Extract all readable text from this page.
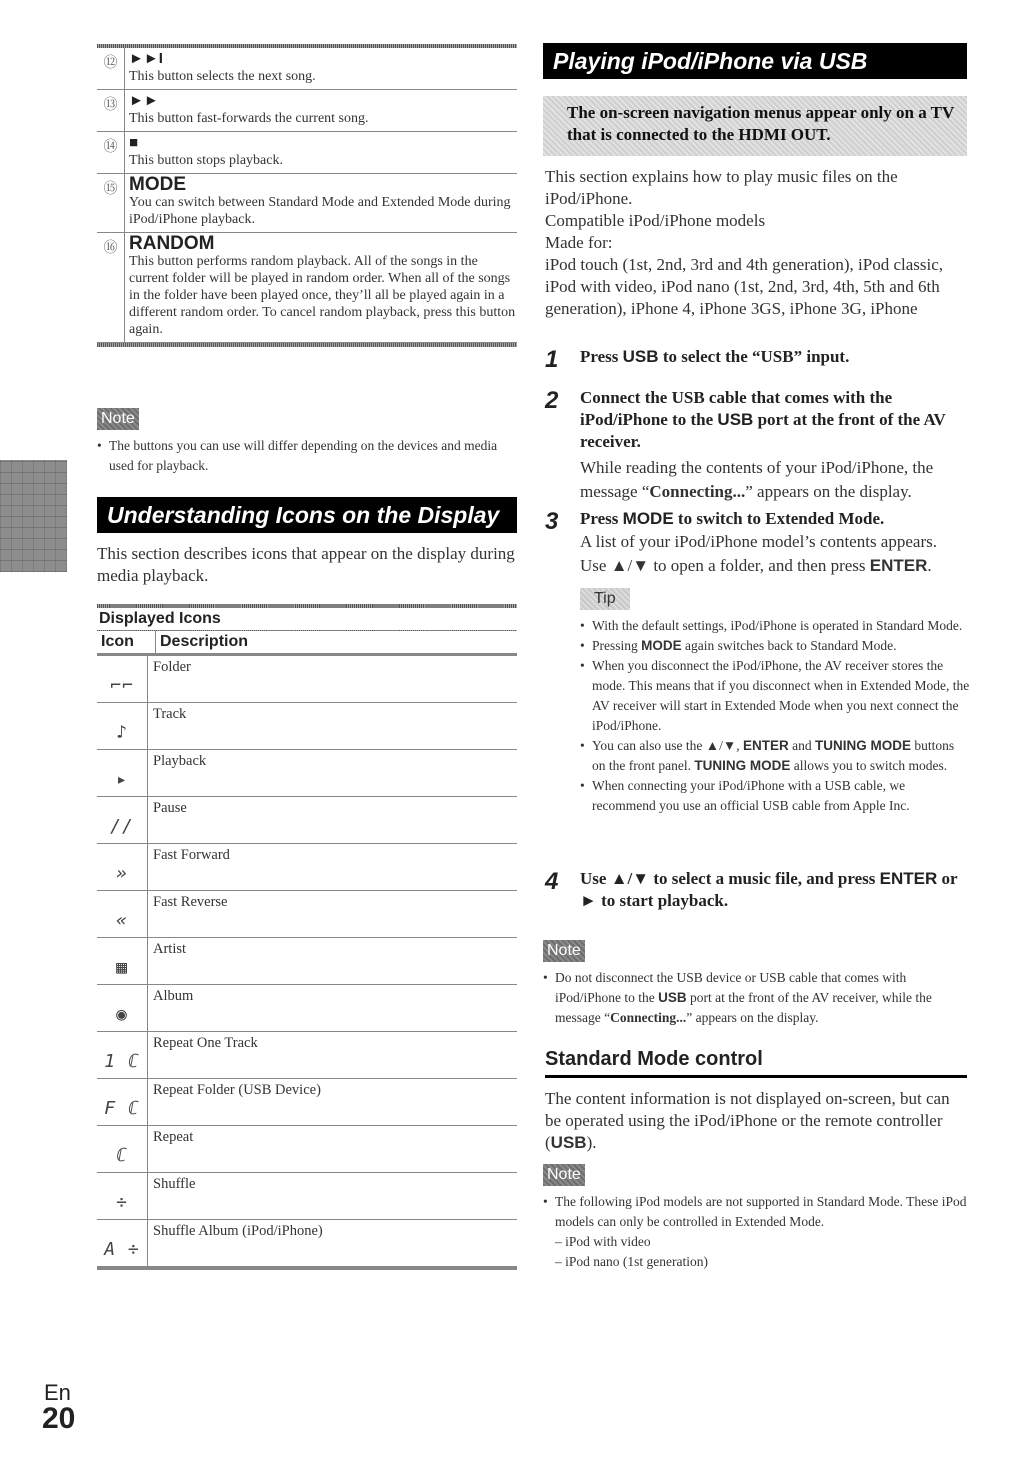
⑫ ►►I
This button selects the next song.
⑬ ►►
This button fast-forwards the current song.
⑭ ■
This button stops playback.
⑮ MODE
You can switch between Standard Mode and Extended Mode during iPod/iPhone playback.
⑯ RANDOM
This button performs random playback. All of the songs in the current folder will be played in random order. When all of the songs in the folder have been played once, they’ll all be played again in a different random order. To cancel random playback, press this button again.
Note
• The buttons you can use will differ depending on the devices and media used for playback.
Understanding Icons on the Display
This section describes icons that appear on the display during media playback.
Displayed Icons
Icon	Description
⌐⌐
Folder
♪
Track
▸
Playback
//
Pause
»
Fast Forward
«
Fast Reverse
▦
Artist
◉
Album
1 ℂ
Repeat One Track
F ℂ
Repeat Folder (USB Device)
ℂ
Repeat
÷
Shuffle
A ÷
Shuffle Album (iPod/iPhone)
Playing iPod/iPhone via USB

The on-screen navigation menus appear only on a TV that is connected to the HDMI OUT.

This section explains how to play music files on the iPod/iPhone.
Compatible iPod/iPhone models
Made for:
iPod touch (1st, 2nd, 3rd and 4th generation), iPod classic, iPod with video, iPod nano (1st, 2nd, 3rd, 4th, 5th and 6th generation), iPhone 4, iPhone 3GS, iPhone 3G, iPhone
1 Press USB to select the “USB” input.
2 Connect the USB cable that comes with the iPod/iPhone to the USB port at the front of the AV receiver.
While reading the contents of your iPod/iPhone, the message “Connecting...” appears on the display.
3 Press MODE to switch to Extended Mode.
A list of your iPod/iPhone model’s contents appears.
Use ▲/▼ to open a folder, and then press ENTER.
Tip
• With the default settings, iPod/iPhone is operated in Standard Mode.
• Pressing MODE again switches back to Standard Mode.
• When you disconnect the iPod/iPhone, the AV receiver stores the mode. This means that if you disconnect when in Extended Mode, the AV receiver will start in Extended Mode when you next connect the iPod/iPhone.
• You can also use the ▲/▼, ENTER and TUNING MODE buttons on the front panel. TUNING MODE allows you to switch modes.
• When connecting your iPod/iPhone with a USB cable, we recommend you use an official USB cable from Apple Inc.
4 Use ▲/▼ to select a music file, and press ENTER or ► to start playback.
Note
• Do not disconnect the USB device or USB cable that comes with iPod/iPhone to the USB port at the front of the AV receiver, while the message “Connecting...” appears on the display.
Standard Mode control
The content information is not displayed on-screen, but can be operated using the iPod/iPhone or the remote controller (USB).
Note
• The following iPod models are not supported in Standard Mode. These iPod models can only be controlled in Extended Mode.
– iPod with video
– iPod nano (1st generation)
En
20
